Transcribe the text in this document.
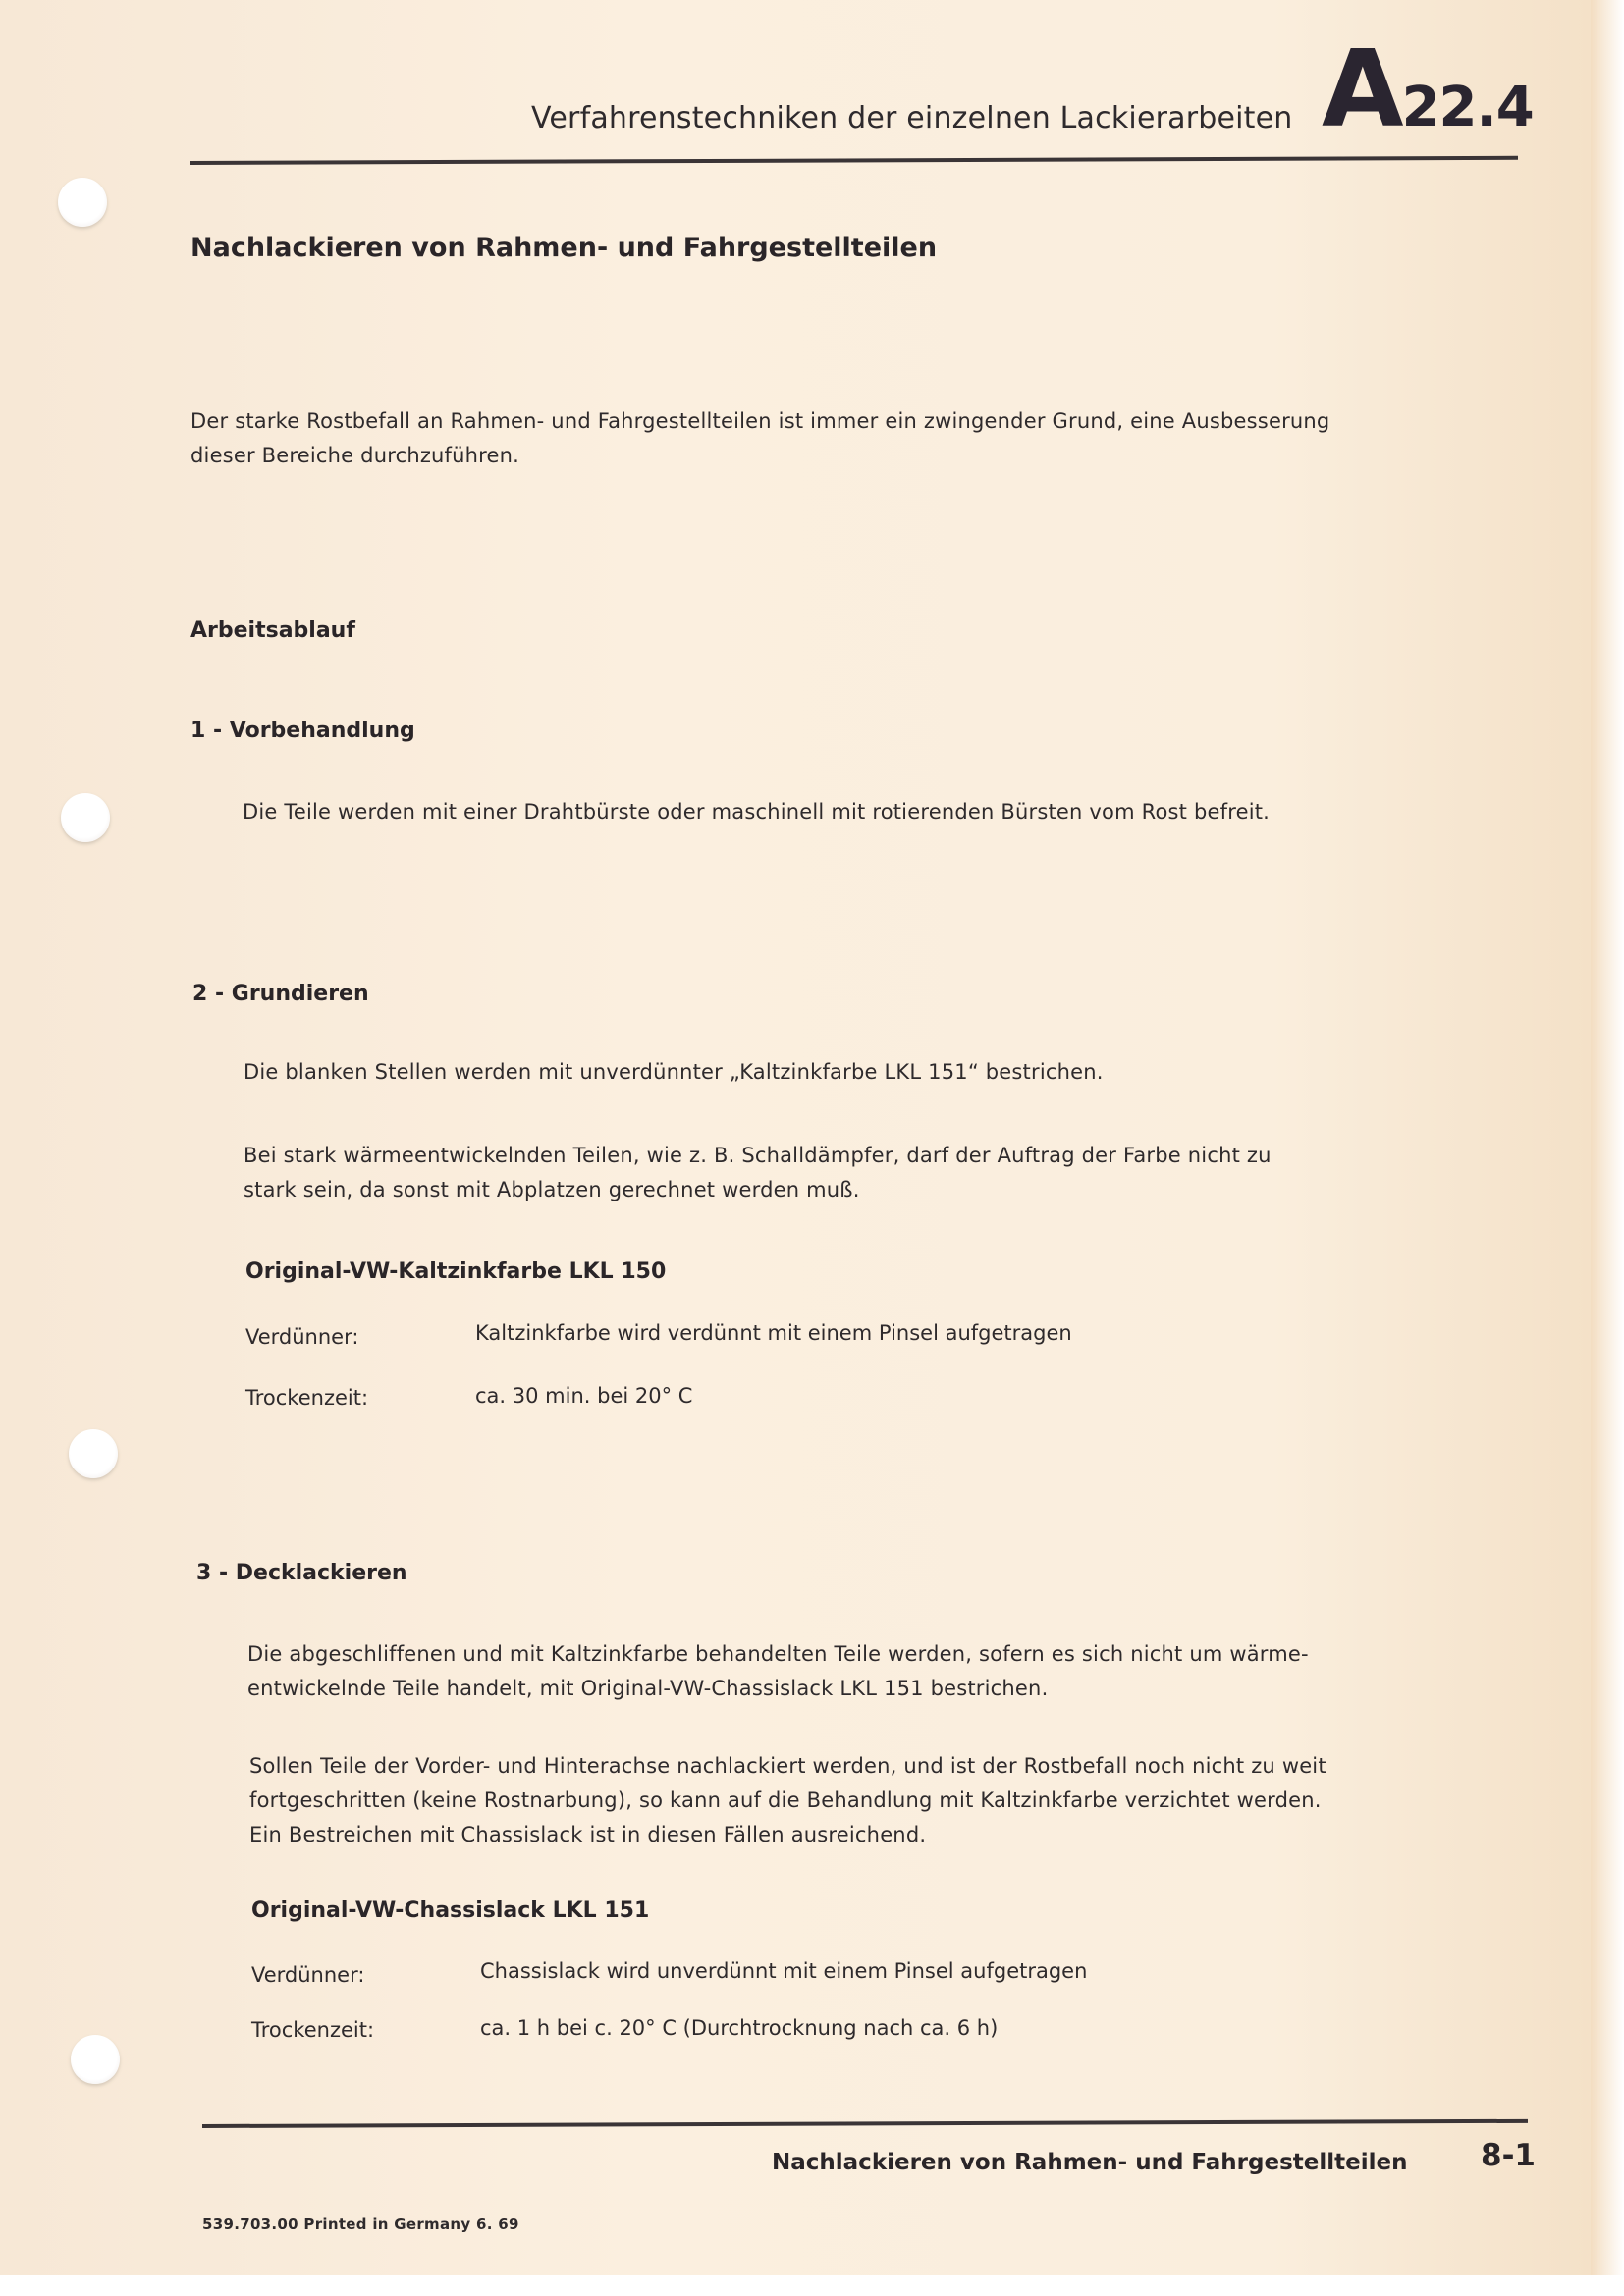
Verfahrenstechniken der einzelnen Lackierarbeiten A22.4
Nachlackieren von Rahmen- und Fahrgestellteilen
Der starke Rostbefall an Rahmen- und Fahrgestellteilen ist immer ein zwingender Grund, eine Ausbesserung
dieser Bereiche durchzuführen.
Arbeitsablauf
1 - Vorbehandlung
Die Teile werden mit einer Drahtbürste oder maschinell mit rotierenden Bürsten vom Rost befreit.
2 - Grundieren
Die blanken Stellen werden mit unverdünnter „Kaltzinkfarbe LKL 151“ bestrichen.
Bei stark wärmeentwickelnden Teilen, wie z. B. Schalldämpfer, darf der Auftrag der Farbe nicht zu
stark sein, da sonst mit Abplatzen gerechnet werden muß.
Original-VW-Kaltzinkfarbe LKL 150
Verdünner:	Kaltzinkfarbe wird verdünnt mit einem Pinsel aufgetragen
Trockenzeit:	ca. 30 min. bei 20° C
3 - Decklackieren
Die abgeschliffenen und mit Kaltzinkfarbe behandelten Teile werden, sofern es sich nicht um wärme-
entwickelnde Teile handelt, mit Original-VW-Chassislack LKL 151 bestrichen.
Sollen Teile der Vorder- und Hinterachse nachlackiert werden, und ist der Rostbefall noch nicht zu weit
fortgeschritten (keine Rostnarbung), so kann auf die Behandlung mit Kaltzinkfarbe verzichtet werden.
Ein Bestreichen mit Chassislack ist in diesen Fällen ausreichend.
Original-VW-Chassislack LKL 151
Verdünner:	Chassislack wird unverdünnt mit einem Pinsel aufgetragen
Trockenzeit:	ca. 1 h bei c. 20° C (Durchtrocknung nach ca. 6 h)
Nachlackieren von Rahmen- und Fahrgestellteilen 8-1
539.703.00 Printed in Germany 6. 69
